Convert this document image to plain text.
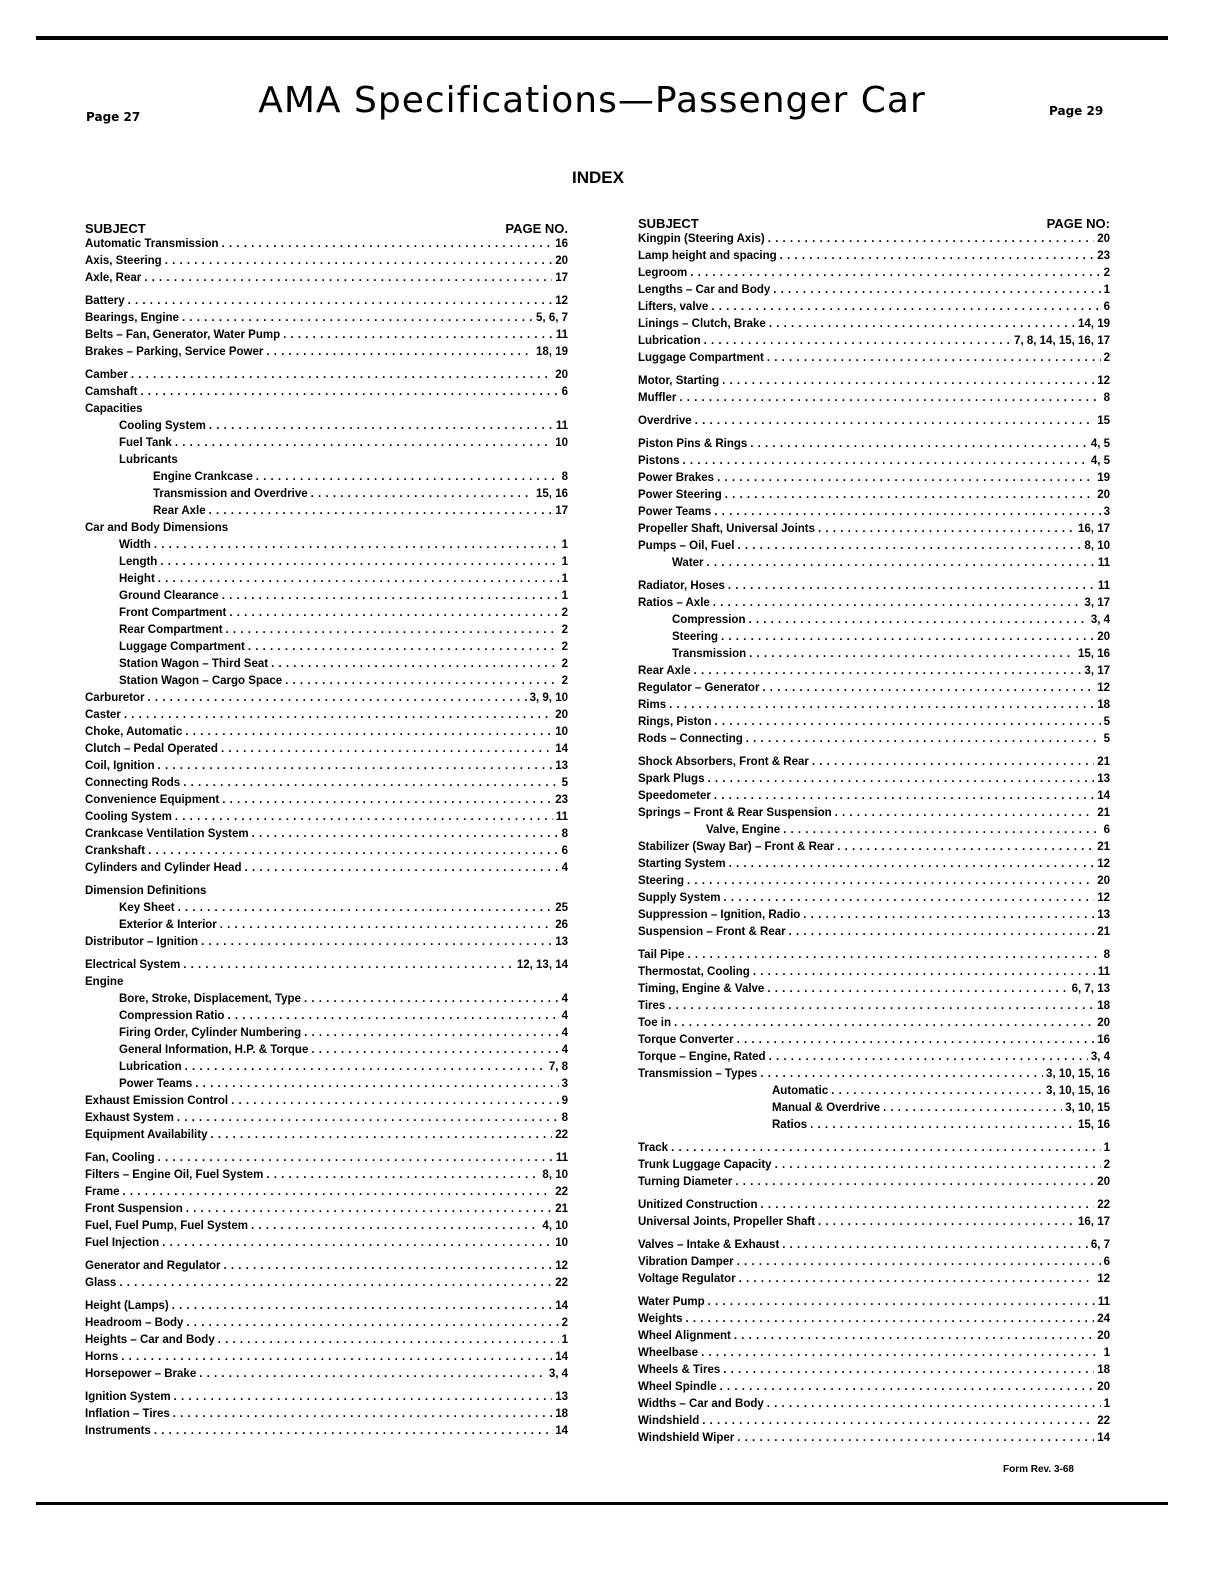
Page 27	AMA Specifications—Passenger Car	Page 29
INDEX
SUBJECT	PAGE NO.
Automatic Transmission . . .	16
Axis, Steering . . .	20
Axle, Rear . . .	17
Battery . . .	12
Bearings, Engine . . .	5, 6, 7
Belts – Fan, Generator, Water Pump . . .	11
Brakes – Parking, Service Power . . .	18, 19
Camber . . .	20
Camshaft . . .	6
Capacities
Cooling System . . .	11
Fuel Tank . . .	10
Lubricants
Engine Crankcase . . .	8
Transmission and Overdrive . . .	15, 16
Rear Axle . . .	17
Car and Body Dimensions
Width . . .	1
Length . . .	1
Height . . .	1
Ground Clearance . . .	1
Front Compartment . . .	2
Rear Compartment . . .	2
Luggage Compartment . . .	2
Station Wagon – Third Seat . . .	2
Station Wagon – Cargo Space . . .	2
Carburetor . . .	3, 9, 10
Caster . . .	20
Choke, Automatic . . .	10
Clutch – Pedal Operated . . .	14
Coil, Ignition . . .	13
Connecting Rods . . .	5
Convenience Equipment . . .	23
Cooling System . . .	11
Crankcase Ventilation System . . .	8
Crankshaft . . .	6
Cylinders and Cylinder Head . . .	4
Dimension Definitions
Key Sheet . . .	25
Exterior & Interior . . .	26
Distributor – Ignition . . .	13
Electrical System . . .	12, 13, 14
Engine
Bore, Stroke, Displacement, Type . . .	4
Compression Ratio . . .	4
Firing Order, Cylinder Numbering . . .	4
General Information, H.P. & Torque . . .	4
Lubrication . . .	7, 8
Power Teams . . .	3
Exhaust Emission Control . . .	9
Exhaust System . . .	8
Equipment Availability . . .	22
Fan, Cooling . . .	11
Filters – Engine Oil, Fuel System . . .	8, 10
Frame . . .	22
Front Suspension . . .	21
Fuel, Fuel Pump, Fuel System . . .	4, 10
Fuel Injection . . .	10
Generator and Regulator . . .	12
Glass . . .	22
Height (Lamps) . . .	14
Headroom – Body . . .	2
Heights – Car and Body . . .	1
Horns . . .	14
Horsepower – Brake . . .	3, 4
Ignition System . . .	13
Inflation – Tires . . .	18
Instruments . . .	14
SUBJECT	PAGE NO:
Kingpin (Steering Axis) . . .	20
Lamp height and spacing . . .	23
Legroom . . .	2
Lengths – Car and Body . . .	1
Lifters, valve . . .	6
Linings – Clutch, Brake . . .	14, 19
Lubrication . . .	7, 8, 14, 15, 16, 17
Luggage Compartment . . .	2
Motor, Starting . . .	12
Muffler . . .	8
Overdrive . . .	15
Piston Pins & Rings . . .	4, 5
Pistons . . .	4, 5
Power Brakes . . .	19
Power Steering . . .	20
Power Teams . . .	3
Propeller Shaft, Universal Joints . . .	16, 17
Pumps – Oil, Fuel . . .	8, 10
Water . . .	11
Radiator, Hoses . . .	11
Ratios – Axle . . .	3, 17
Compression . . .	3, 4
Steering . . .	20
Transmission . . .	15, 16
Rear Axle . . .	3, 17
Regulator – Generator . . .	12
Rims . . .	18
Rings, Piston . . .	5
Rods – Connecting . . .	5
Shock Absorbers, Front & Rear . . .	21
Spark Plugs . . .	13
Speedometer . . .	14
Springs – Front & Rear Suspension . . .	21
Valve, Engine . . .	6
Stabilizer (Sway Bar) – Front & Rear . . .	21
Starting System . . .	12
Steering . . .	20
Supply System . . .	12
Suppression – Ignition, Radio . . .	13
Suspension – Front & Rear . . .	21
Tail Pipe . . .	8
Thermostat, Cooling . . .	11
Timing, Engine & Valve . . .	6, 7, 13
Tires . . .	18
Toe in . . .	20
Torque Converter . . .	16
Torque – Engine, Rated . . .	3, 4
Transmission – Types . . .	3, 10, 15, 16
Automatic . . .	3, 10, 15, 16
Manual & Overdrive . . .	3, 10, 15
Ratios . . .	15, 16
Track . . .	1
Trunk Luggage Capacity . . .	2
Turning Diameter . . .	20
Unitized Construction . . .	22
Universal Joints, Propeller Shaft . . .	16, 17
Valves – Intake & Exhaust . . .	6, 7
Vibration Damper . . .	6
Voltage Regulator . . .	12
Water Pump . . .	11
Weights . . .	24
Wheel Alignment . . .	20
Wheelbase . . .	1
Wheels & Tires . . .	18
Wheel Spindle . . .	20
Widths – Car and Body . . .	1
Windshield . . .	22
Windshield Wiper . . .	14
Form Rev. 3-68
